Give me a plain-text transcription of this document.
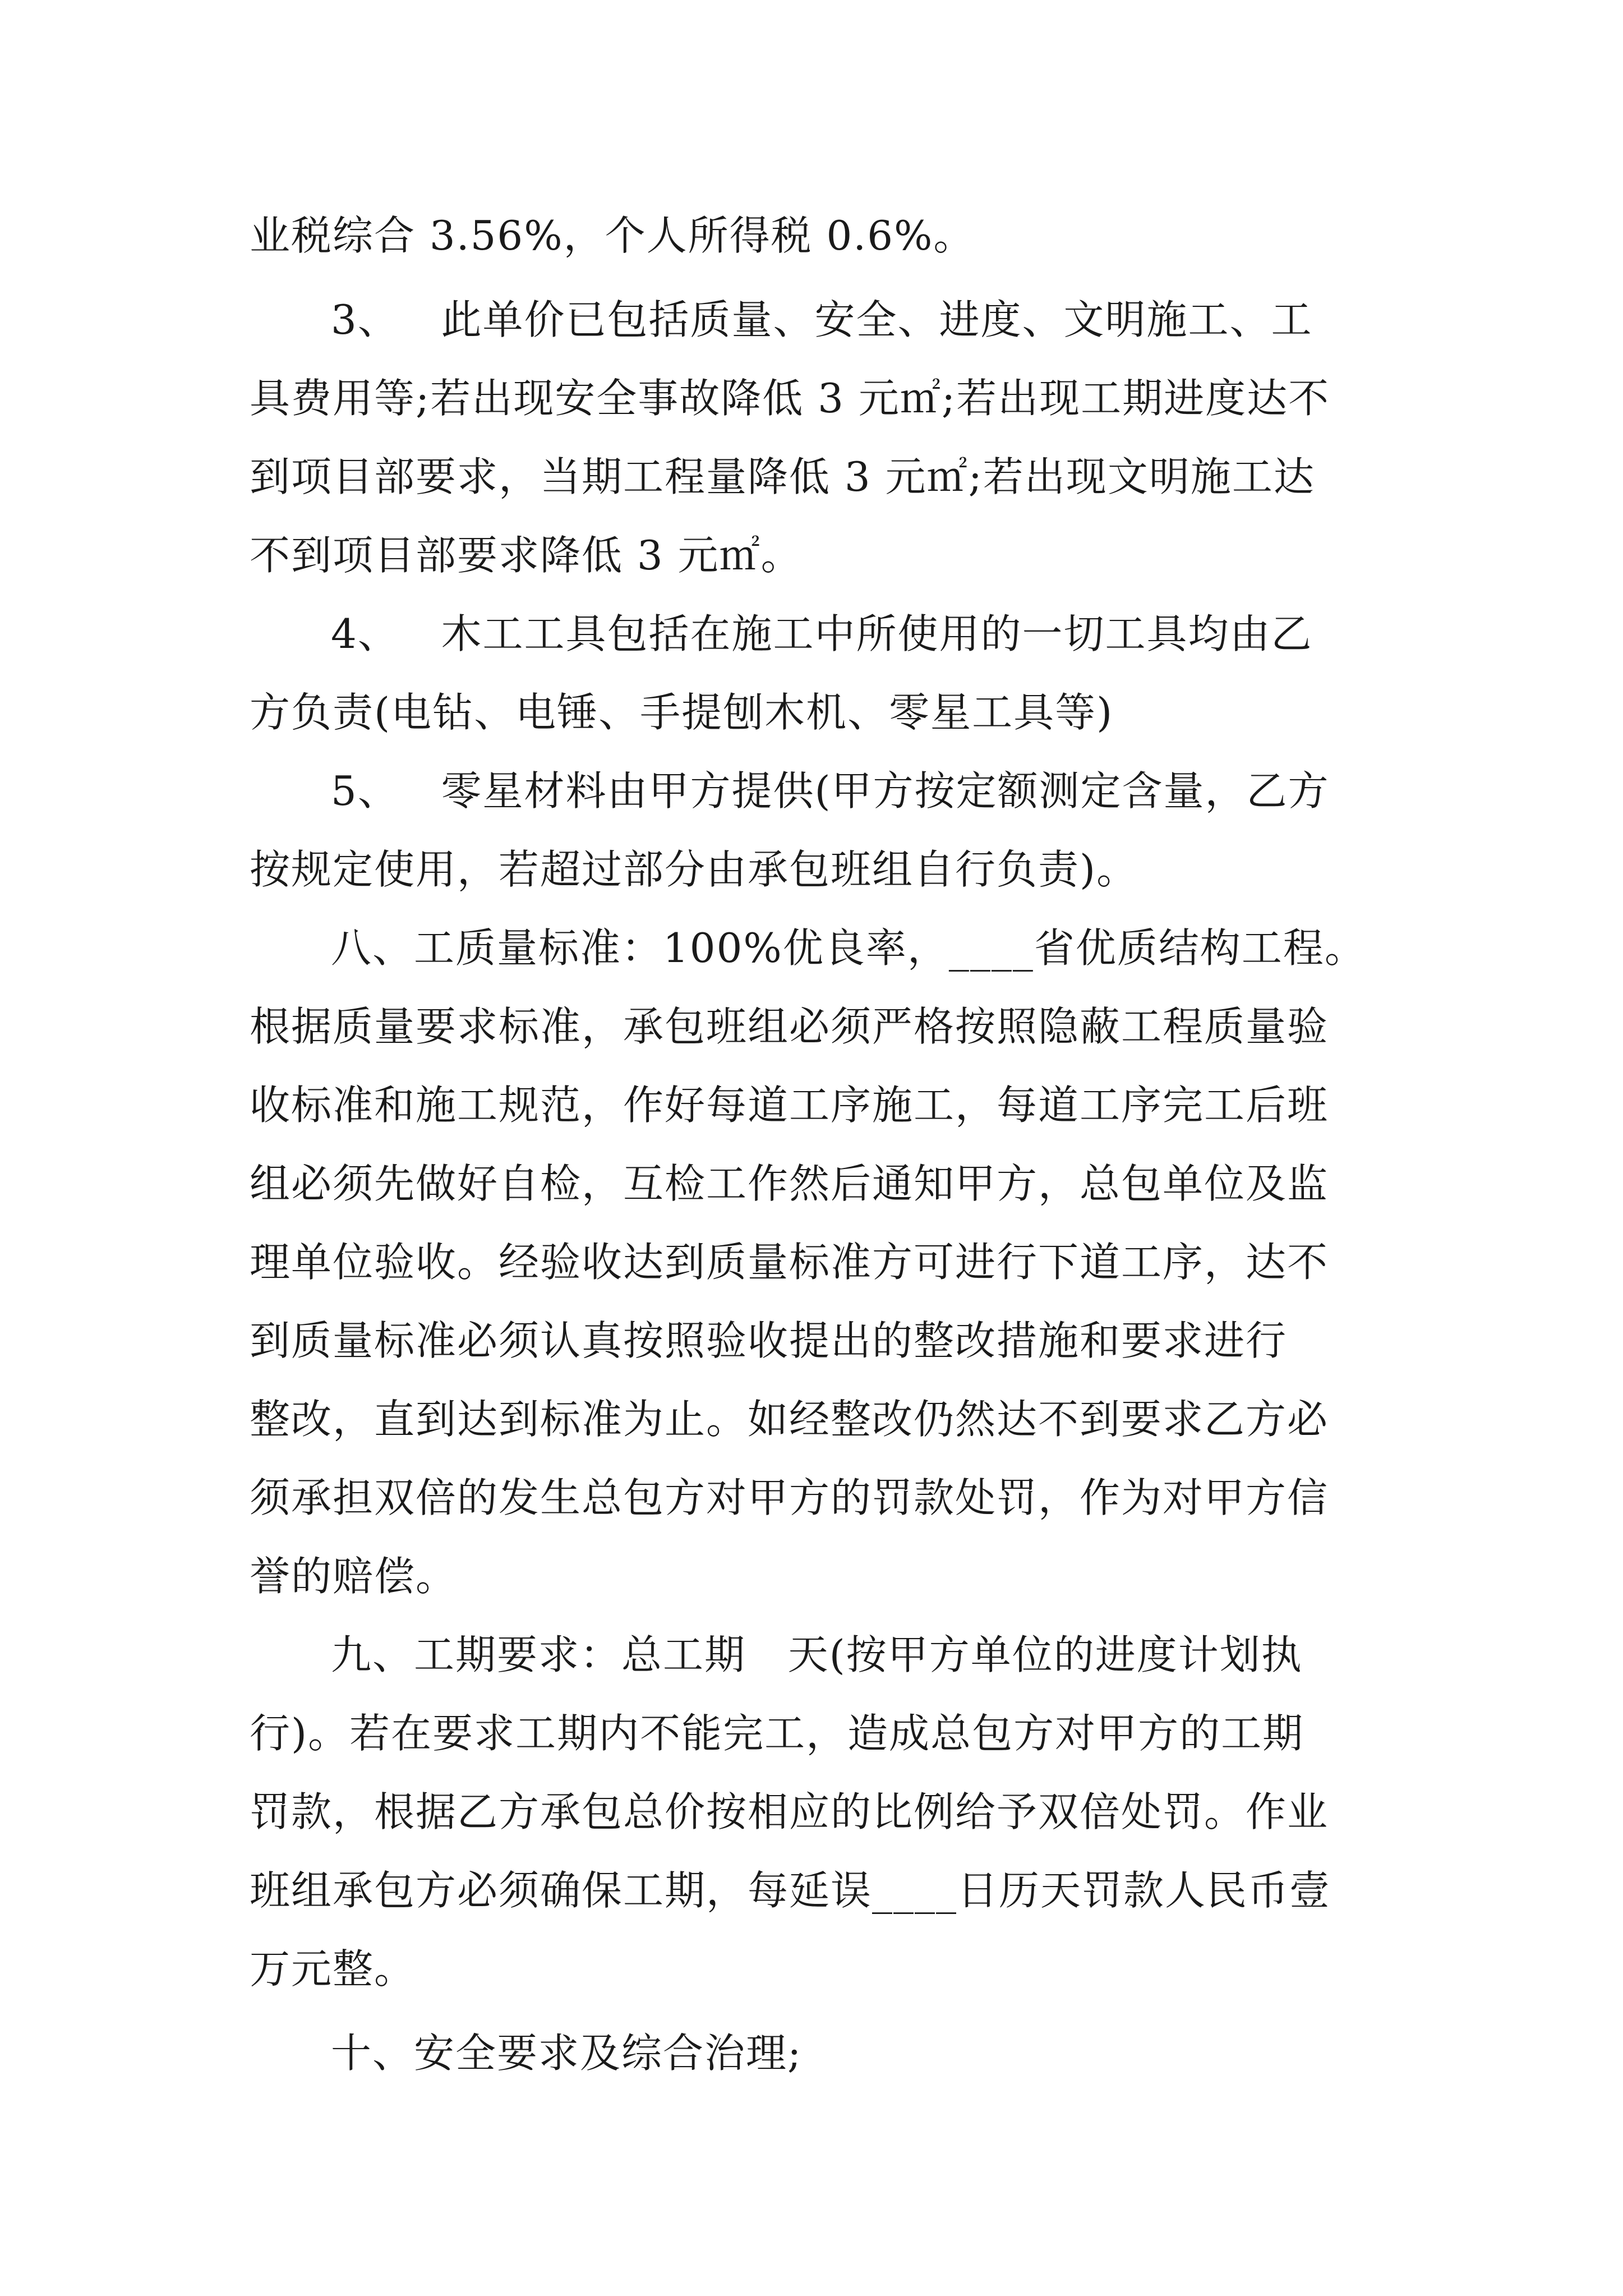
业税综合 3.56%，个人所得税 0.6%。
3、   此单价已包括质量、安全、进度、文明施工、工
具费用等;若出现安全事故降低 3 元㎡;若出现工期进度达不
到项目部要求，当期工程量降低 3 元㎡;若出现文明施工达
不到项目部要求降低 3 元㎡。
4、   木工工具包括在施工中所使用的一切工具均由乙
方负责(电钻、电锤、手提刨木机、零星工具等)
5、   零星材料由甲方提供(甲方按定额测定含量，乙方
按规定使用，若超过部分由承包班组自行负责)。
八、工质量标准：100%优良率，____省优质结构工程。
根据质量要求标准，承包班组必须严格按照隐蔽工程质量验
收标准和施工规范，作好每道工序施工，每道工序完工后班
组必须先做好自检，互检工作然后通知甲方，总包单位及监
理单位验收。经验收达到质量标准方可进行下道工序，达不
到质量标准必须认真按照验收提出的整改措施和要求进行
整改，直到达到标准为止。如经整改仍然达不到要求乙方必
须承担双倍的发生总包方对甲方的罚款处罚，作为对甲方信
誉的赔偿。
九、工期要求：总工期   天(按甲方单位的进度计划执
行)。若在要求工期内不能完工，造成总包方对甲方的工期
罚款，根据乙方承包总价按相应的比例给予双倍处罚。作业
班组承包方必须确保工期，每延误____日历天罚款人民币壹
万元整。
十、安全要求及综合治理;
